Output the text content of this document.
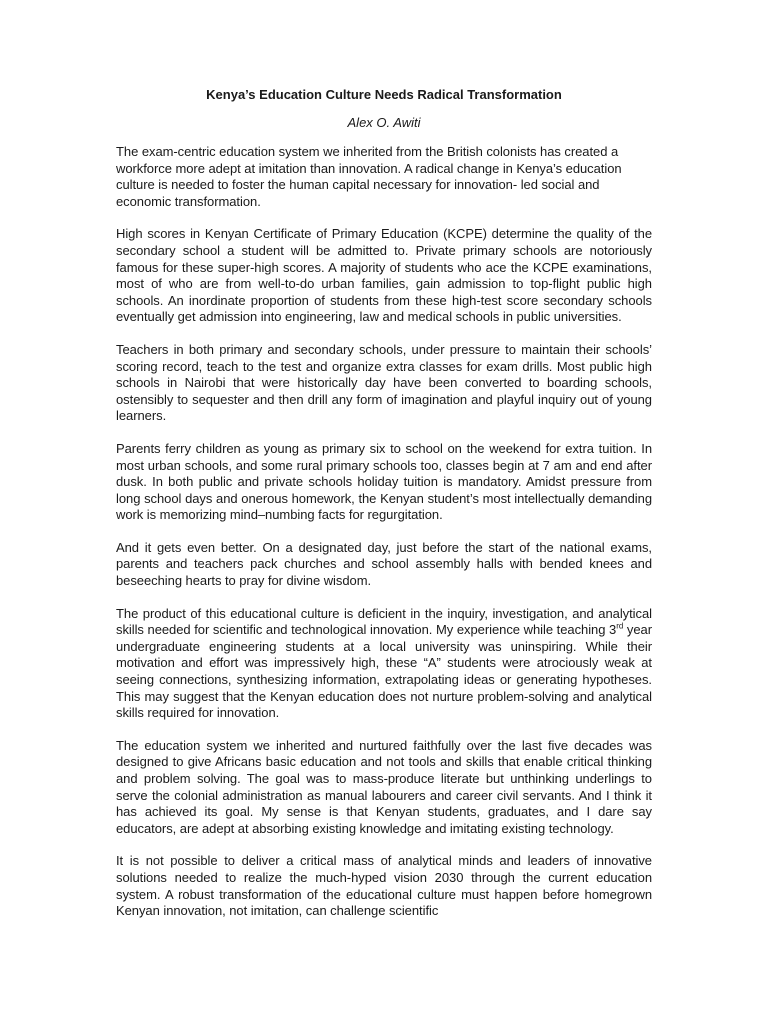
Kenya’s Education Culture Needs Radical Transformation
Alex O. Awiti

The exam-centric education system we inherited from the British colonists has created a workforce more adept at imitation than innovation. A radical change in Kenya’s education culture is needed to foster the human capital necessary for innovation- led social and economic transformation.

High scores in Kenyan Certificate of Primary Education (KCPE) determine the quality of the secondary school a student will be admitted to. Private primary schools are notoriously famous for these super-high scores. A majority of students who ace the KCPE examinations, most of who are from well-to-do urban families, gain admission to top-flight public high schools. An inordinate proportion of students from these high-test score secondary schools eventually get admission into engineering, law and medical schools in public universities.

Teachers in both primary and secondary schools, under pressure to maintain their schools’ scoring record, teach to the test and organize extra classes for exam drills. Most public high schools in Nairobi that were historically day have been converted to boarding schools, ostensibly to sequester and then drill any form of imagination and playful inquiry out of young learners.

Parents ferry children as young as primary six to school on the weekend for extra tuition. In most urban schools, and some rural primary schools too, classes begin at 7 am and end after dusk. In both public and private schools holiday tuition is mandatory. Amidst pressure from long school days and onerous homework, the Kenyan student’s most intellectually demanding work is memorizing mind–numbing facts for regurgitation.

And it gets even better. On a designated day, just before the start of the national exams, parents and teachers pack churches and school assembly halls with bended knees and beseeching hearts to pray for divine wisdom.

The product of this educational culture is deficient in the inquiry, investigation, and analytical skills needed for scientific and technological innovation. My experience while teaching 3rd year undergraduate engineering students at a local university was uninspiring. While their motivation and effort was impressively high, these “A” students were atrociously weak at seeing connections, synthesizing information, extrapolating ideas or generating hypotheses. This may suggest that the Kenyan education does not nurture problem-solving and analytical skills required for innovation.

The education system we inherited and nurtured faithfully over the last five decades was designed to give Africans basic education and not tools and skills that enable critical thinking and problem solving. The goal was to mass-produce literate but unthinking underlings to serve the colonial administration as manual labourers and career civil servants. And I think it has achieved its goal. My sense is that Kenyan students, graduates, and I dare say educators, are adept at absorbing existing knowledge and imitating existing technology.

It is not possible to deliver a critical mass of analytical minds and leaders of innovative solutions needed to realize the much-hyped vision 2030 through the current education system. A robust transformation of the educational culture must happen before homegrown Kenyan innovation, not imitation, can challenge scientific
